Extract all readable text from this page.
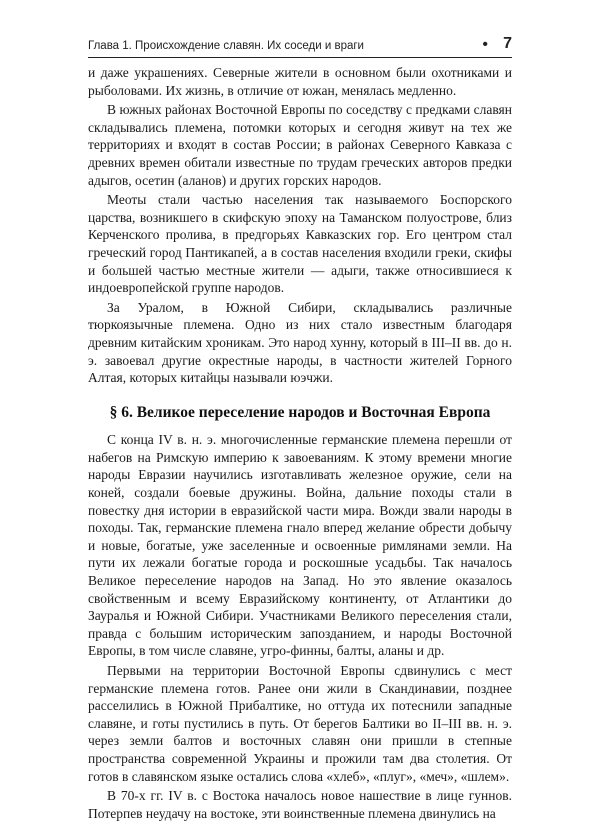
Глава 1. Происхождение славян. Их соседи и враги	• 7

и даже украшениях. Северные жители в основном были охотниками и рыболовами. Их жизнь, в отличие от южан, менялась медленно.

В южных районах Восточной Европы по соседству с предками славян складывались племена, потомки которых и сегодня живут на тех же территориях и входят в состав России; в районах Северного Кавказа с древних времен обитали известные по трудам греческих авторов предки адыгов, осетин (аланов) и других горских народов.

Меоты стали частью населения так называемого Боспорского царства, возникшего в скифскую эпоху на Таманском полуострове, близ Керченского пролива, в предгорьях Кавказских гор. Его центром стал греческий город Пантикапей, а в состав населения входили греки, скифы и большей частью местные жители — адыги, также относившиеся к индоевропейской группе народов.

За Уралом, в Южной Сибири, складывались различные тюркоязычные племена. Одно из них стало известным благодаря древним китайским хроникам. Это народ хунну, который в III–II вв. до н. э. завоевал другие окрестные народы, в частности жителей Горного Алтая, которых китайцы называли юэчжи.

§ 6. Великое переселение народов и Восточная Европа

С конца IV в. н. э. многочисленные германские племена перешли от набегов на Римскую империю к завоеваниям. К этому времени многие народы Евразии научились изготавливать железное оружие, сели на коней, создали боевые дружины. Война, дальние походы стали в повестку дня истории в евразийской части мира. Вожди звали народы в походы. Так, германские племена гнало вперед желание обрести добычу и новые, богатые, уже заселенные и освоенные римлянами земли. На пути их лежали богатые города и роскошные усадьбы. Так началось Великое переселение народов на Запад. Но это явление оказалось свойственным и всему Евразийскому континенту, от Атлантики до Зауралья и Южной Сибири. Участниками Великого переселения стали, правда с большим историческим запозданием, и народы Восточной Европы, в том числе славяне, угро-финны, балты, аланы и др.

Первыми на территории Восточной Европы сдвинулись с мест германские племена готов. Ранее они жили в Скандинавии, позднее расселились в Южной Прибалтике, но оттуда их потеснили западные славяне, и готы пустились в путь. От берегов Балтики во II–III вв. н. э. через земли балтов и восточных славян они пришли в степные пространства современной Украины и прожили там два столетия. От готов в славянском языке остались слова «хлеб», «плуг», «меч», «шлем».

В 70-х гг. IV в. с Востока началось новое нашествие в лице гуннов. Потерпев неудачу на востоке, эти воинственные племена двинулись на
